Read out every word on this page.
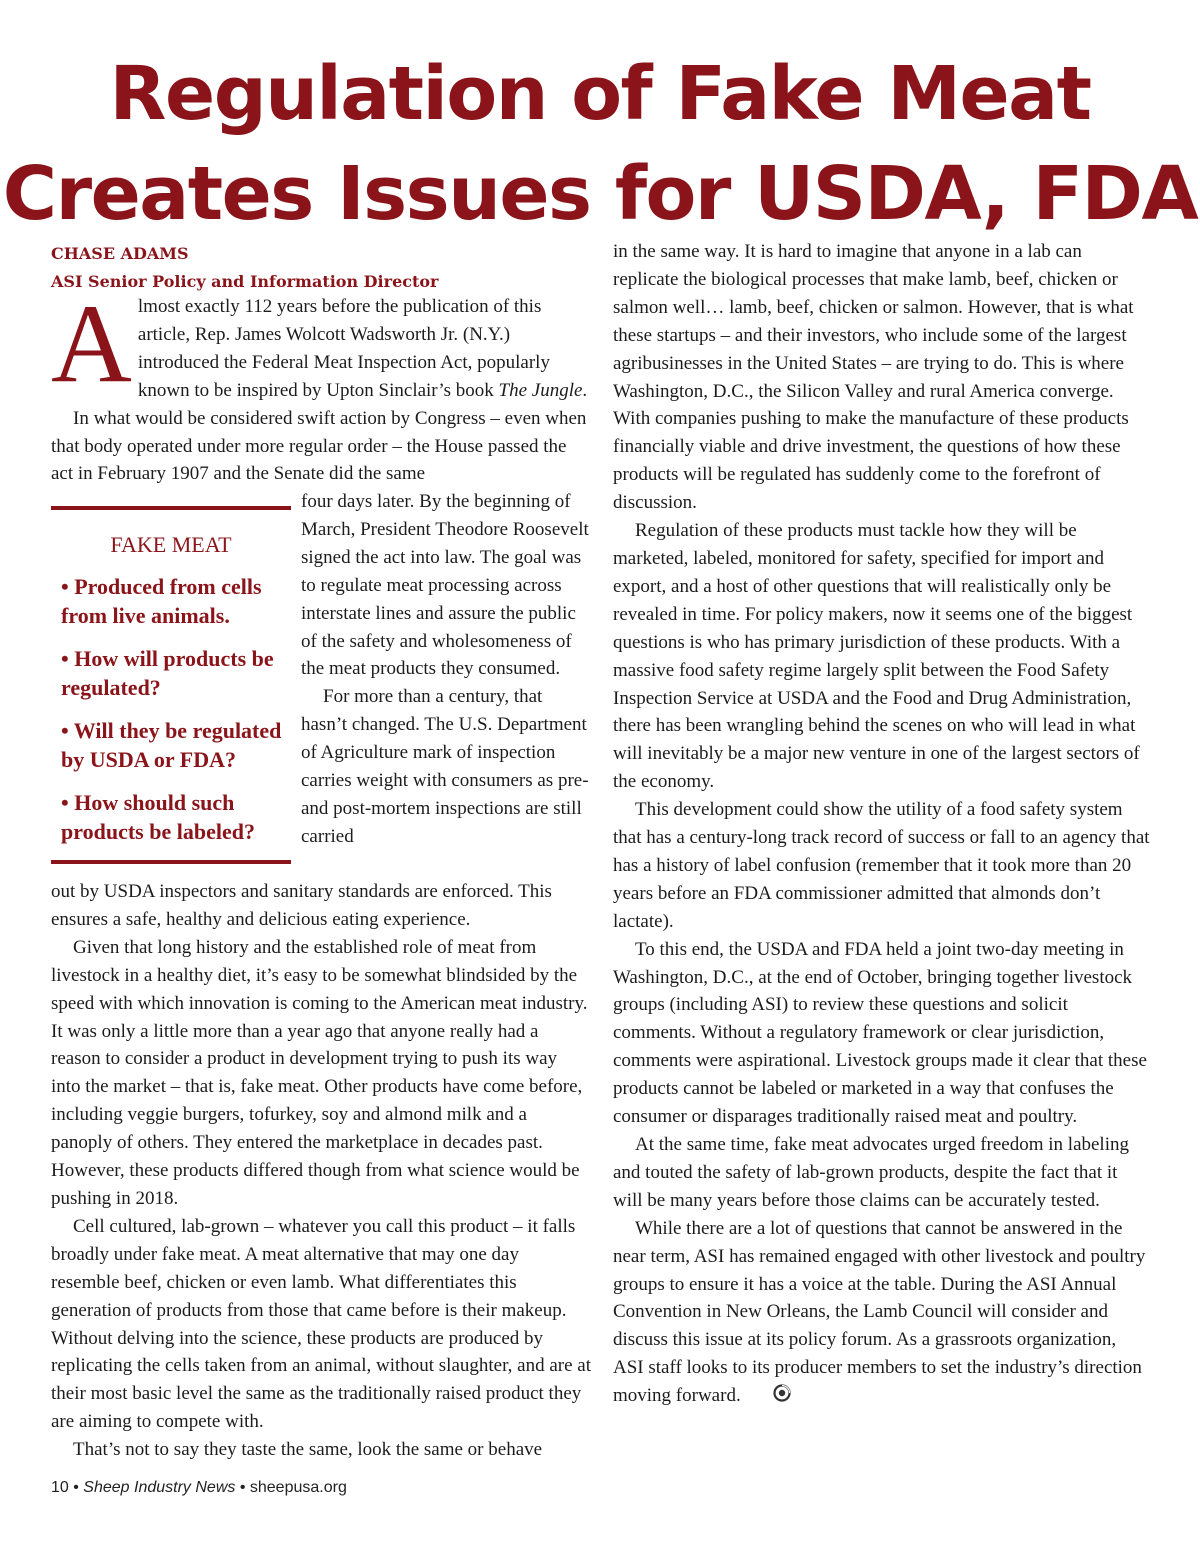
Regulation of Fake Meat
Creates Issues for USDA, FDA
CHASE ADAMS
ASI Senior Policy and Information Director

A lmost exactly 112 years before the publication of this article, Rep. James Wolcott Wadsworth Jr. (N.Y.) introduced the Federal Meat Inspection Act, popularly known to be inspired by Upton Sinclair’s book The Jungle.

In what would be considered swift action by Congress – even when that body operated under more regular order – the House passed the act in February 1907 and the Senate did the same

FAKE MEAT
• Produced from cells from live animals.
• How will products be regulated?
• Will they be regulated by USDA or FDA?
• How should such products be labeled?

four days later. By the beginning of March, President Theodore Roosevelt signed the act into law. The goal was to regulate meat processing across interstate lines and assure the public of the safety and wholesomeness of the meat products they consumed.

For more than a century, that hasn’t changed. The U.S. Department of Agriculture mark of inspection carries weight with consumers as pre- and post-mortem inspections are still carried

out by USDA inspectors and sanitary standards are enforced. This ensures a safe, healthy and delicious eating experience.

Given that long history and the established role of meat from livestock in a healthy diet, it’s easy to be somewhat blindsided by the speed with which innovation is coming to the American meat industry. It was only a little more than a year ago that anyone really had a reason to consider a product in development trying to push its way into the market – that is, fake meat. Other products have come before, including veggie burgers, tofurkey, soy and almond milk and a panoply of others. They entered the marketplace in decades past. However, these products differed though from what science would be pushing in 2018.

Cell cultured, lab-grown – whatever you call this product – it falls broadly under fake meat. A meat alternative that may one day resemble beef, chicken or even lamb. What differentiates this generation of products from those that came before is their makeup. Without delving into the science, these products are produced by replicating the cells taken from an animal, without slaughter, and are at their most basic level the same as the traditionally raised product they are aiming to compete with.

That’s not to say they taste the same, look the same or behave

in the same way. It is hard to imagine that anyone in a lab can replicate the biological processes that make lamb, beef, chicken or salmon well… lamb, beef, chicken or salmon. However, that is what these startups – and their investors, who include some of the largest agribusinesses in the United States – are trying to do. This is where Washington, D.C., the Silicon Valley and rural America converge. With companies pushing to make the manufacture of these products financially viable and drive investment, the questions of how these products will be regulated has suddenly come to the forefront of discussion.

Regulation of these products must tackle how they will be marketed, labeled, monitored for safety, specified for import and export, and a host of other questions that will realistically only be revealed in time. For policy makers, now it seems one of the biggest questions is who has primary jurisdiction of these products. With a massive food safety regime largely split between the Food Safety Inspection Service at USDA and the Food and Drug Administration, there has been wrangling behind the scenes on who will lead in what will inevitably be a major new venture in one of the largest sectors of the economy.

This development could show the utility of a food safety system that has a century-long track record of success or fall to an agency that has a history of label confusion (remember that it took more than 20 years before an FDA commissioner admitted that almonds don’t lactate).

To this end, the USDA and FDA held a joint two-day meeting in Washington, D.C., at the end of October, bringing together livestock groups (including ASI) to review these questions and solicit comments. Without a regulatory framework or clear jurisdiction, comments were aspirational. Livestock groups made it clear that these products cannot be labeled or marketed in a way that confuses the consumer or disparages traditionally raised meat and poultry.

At the same time, fake meat advocates urged freedom in labeling and touted the safety of lab-grown products, despite the fact that it will be many years before those claims can be accurately tested.

While there are a lot of questions that cannot be answered in the near term, ASI has remained engaged with other livestock and poultry groups to ensure it has a voice at the table. During the ASI Annual Convention in New Orleans, the Lamb Council will consider and discuss this issue at its policy forum. As a grassroots organization, ASI staff looks to its producer members to set the industry’s direction moving forward.

10 • Sheep Industry News • sheepusa.org
